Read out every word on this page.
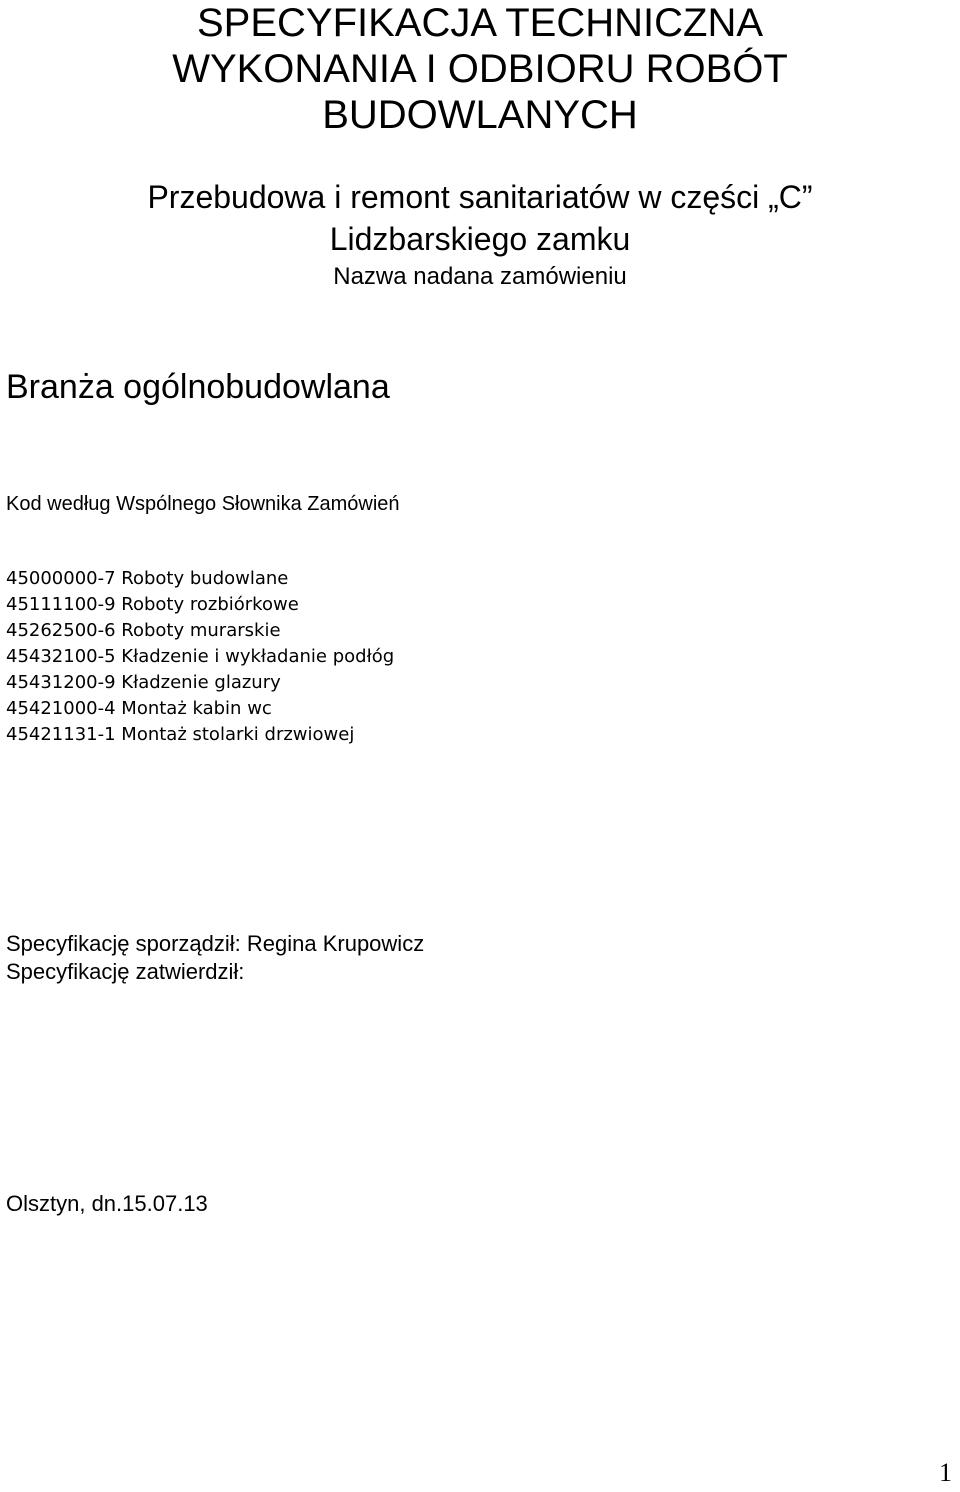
SPECYFIKACJA TECHNICZNA
WYKONANIA I ODBIORU ROBÓT
BUDOWLANYCH
Przebudowa i remont sanitariatów w części „C”
Lidzbarskiego zamku
Nazwa nadana zamówieniu
Branża ogólnobudowlana
Kod według Wspólnego Słownika Zamówień
45000000-7 Roboty budowlane
45111100-9 Roboty rozbiórkowe
45262500-6 Roboty murarskie
45432100-5 Kładzenie i wykładanie podłóg
45431200-9 Kładzenie glazury
45421000-4 Montaż kabin wc
45421131-1 Montaż stolarki drzwiowej
Specyfikację sporządził: Regina Krupowicz
Specyfikację zatwierdził:
Olsztyn, dn.15.07.13
1
